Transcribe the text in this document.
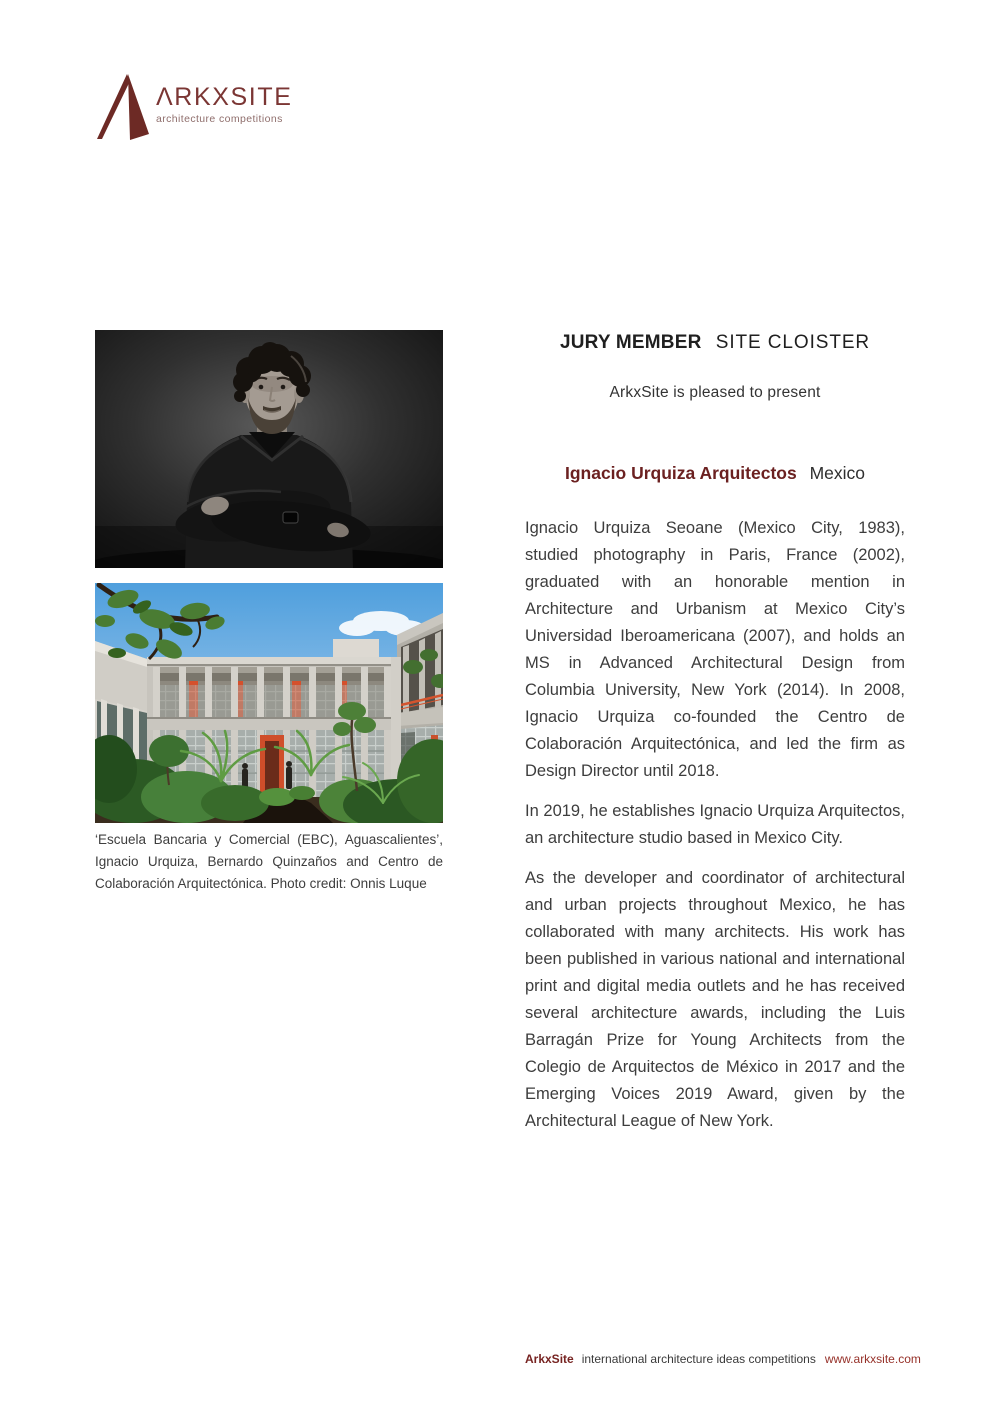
ΛRKXSITE
architecture competitions

‘Escuela Bancaria y Comercial (EBC), Aguascalientes’, Ignacio Urquiza, Bernardo Quinzaños and Centro de Colaboración Arquitectónica. Photo credit: Onnis Luque

JURY MEMBER SITE CLOISTER

ArkxSite is pleased to present

Ignacio Urquiza Arquitectos Mexico

Ignacio Urquiza Seoane (Mexico City, 1983), studied photography in Paris, France (2002), graduated with an honorable mention in Architecture and Urbanism at Mexico City’s Universidad Iberoamericana (2007), and holds an MS in Advanced Architectural Design from Columbia University, New York (2014). In 2008, Ignacio Urquiza co-founded the Centro de Colaboración Arquitectónica, and led the firm as Design Director until 2018.

In 2019, he establishes Ignacio Urquiza Arquitectos, an architecture studio based in Mexico City.

As the developer and coordinator of architectural and urban projects throughout Mexico, he has collaborated with many architects. His work has been published in various national and international print and digital media outlets and he has received several architecture awards, including the Luis Barragán Prize for Young Architects from the Colegio de Arquitectos de México in 2017 and the Emerging Voices 2019 Award, given by the Architectural League of New York.

ArkxSite international architecture ideas competitions www.arkxsite.com
